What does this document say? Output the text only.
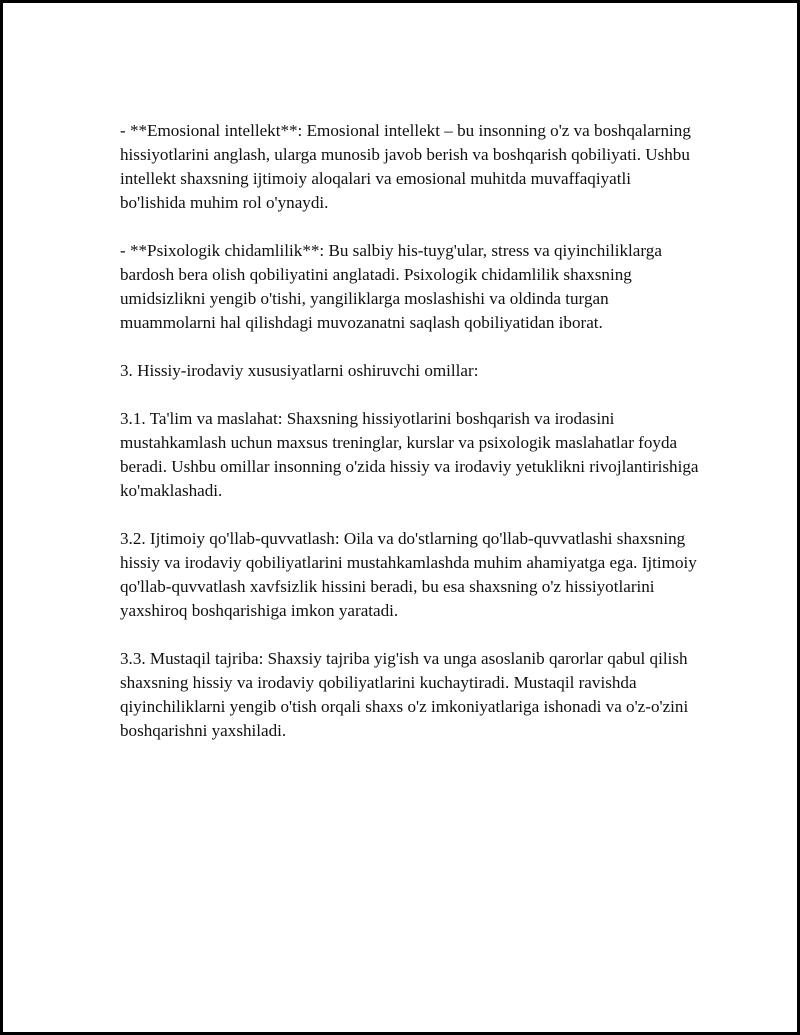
- **Emosional intellekt**: Emosional intellekt – bu insonning o'z va boshqalarning hissiyotlarini anglash, ularga munosib javob berish va boshqarish qobiliyati. Ushbu intellekt shaxsning ijtimoiy aloqalari va emosional muhitda muvaffaqiyatli bo'lishida muhim rol o'ynaydi.

- **Psixologik chidamlilik**: Bu salbiy his-tuyg'ular, stress va qiyinchiliklarga bardosh bera olish qobiliyatini anglatadi. Psixologik chidamlilik shaxsning umidsizlikni yengib o'tishi, yangiliklarga moslashishi va oldinda turgan muammolarni hal qilishdagi muvozanatni saqlash qobiliyatidan iborat.

3. Hissiy-irodaviy xususiyatlarni oshiruvchi omillar:

3.1. Ta'lim va maslahat: Shaxsning hissiyotlarini boshqarish va irodasini mustahkamlash uchun maxsus treninglar, kurslar va psixologik maslahatlar foyda beradi. Ushbu omillar insonning o'zida hissiy va irodaviy yetuklikni rivojlantirishiga ko'maklashadi.

3.2. Ijtimoiy qo'llab-quvvatlash: Oila va do'stlarning qo'llab-quvvatlashi shaxsning hissiy va irodaviy qobiliyatlarini mustahkamlashda muhim ahamiyatga ega. Ijtimoiy qo'llab-quvvatlash xavfsizlik hissini beradi, bu esa shaxsning o'z hissiyotlarini yaxshiroq boshqarishiga imkon yaratadi.

3.3. Mustaqil tajriba: Shaxsiy tajriba yig'ish va unga asoslanib qarorlar qabul qilish shaxsning hissiy va irodaviy qobiliyatlarini kuchaytiradi. Mustaqil ravishda qiyinchiliklarni yengib o'tish orqali shaxs o'z imkoniyatlariga ishonadi va o'z-o'zini boshqarishni yaxshiladi.
